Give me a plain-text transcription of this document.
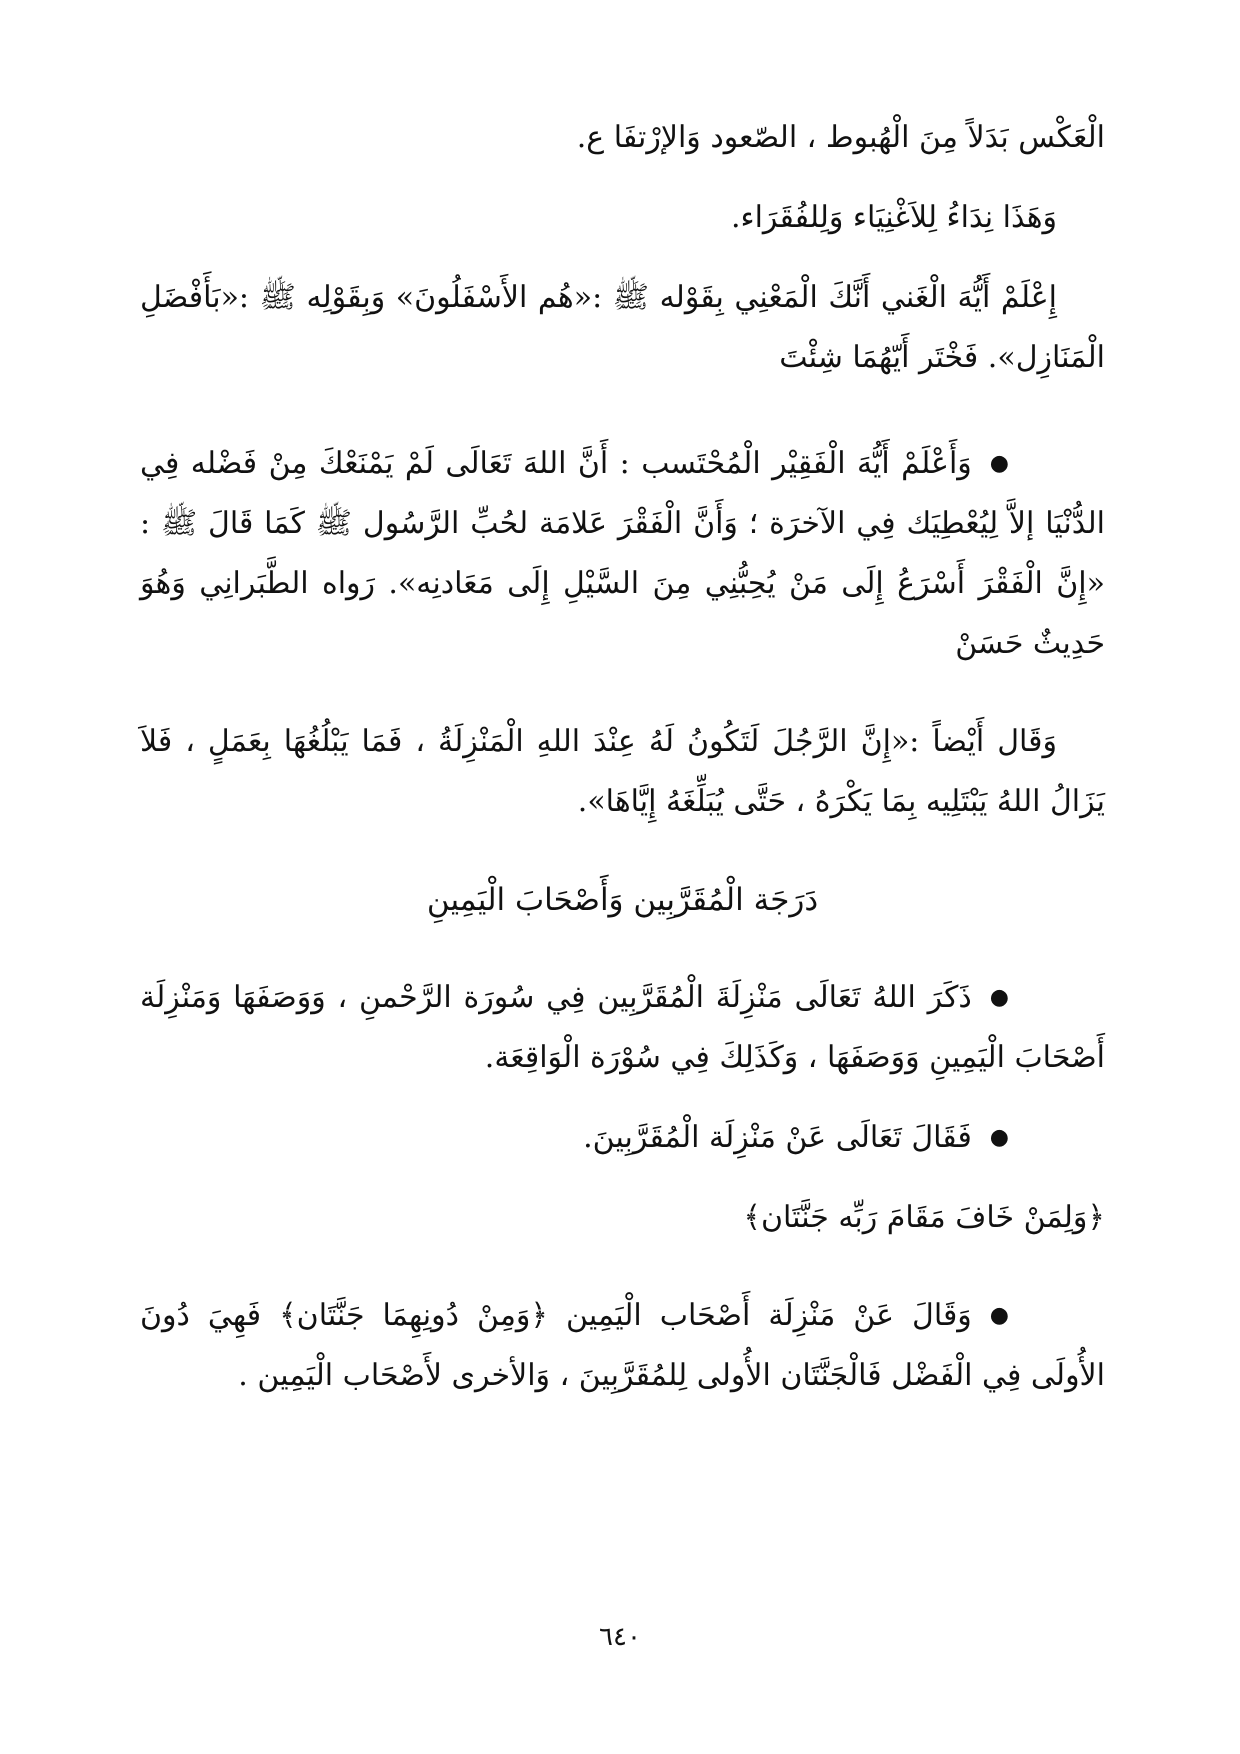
الْعَكْس بَدَلاً مِنَ الْهُبوط ، الصّعود وَالإرْتفَا ع.

وَهَذَا نِدَاءُ لِلاَغْنِيَاء وَلِلفُقَرَاء.

إِعْلَمْ أَيُّهَ الْغَني أَنَّكَ الْمَعْنِي بِقَوْله ﷺ :«هُم الأَسْفَلُونَ» وَبِقَوْلِه ﷺ :«بَأَفْضَلِ الْمَنَازِل». فَخْتَر أَيّهُمَا شِئْتَ

●وَأَعْلَمْ أَيُّهَ الْفَقِيْر الْمُحْتَسب : أَنَّ اللهَ تَعَالَى لَمْ يَمْنَعْكَ مِنْ فَضْله فِي الدُّنْيَا إلاَّ لِيُعْطِيَك فِي الآخرَة ؛ وَأَنَّ الْفَقْرَ عَلامَة لحُبِّ الرَّسُول ﷺ كَمَا قَالَ ﷺ : «إِنَّ الْفَقْرَ أَسْرَعُ إِلَى مَنْ يُحِبُّنِي مِنَ السَّيْلِ إِلَى مَعَادنِه». رَواه الطَّبَرانِي وَهُوَ حَدِيثٌ حَسَنْ

وَقَال أَيْضاً :«إِنَّ الرَّجُلَ لَتَكُونُ لَهُ عِنْدَ اللهِ الْمَنْزِلَةُ ، فَمَا يَبْلُغُهَا بِعَمَلٍ ، فَلاَ يَزَالُ اللهُ يَبْتَلِيه بِمَا يَكْرَهُ ، حَتَّى يُبَلِّغَهُ إِيَّاهَا».

دَرَجَة الْمُقَرَّبِين وَأَصْحَابَ الْيَمِينِ

●ذَكَرَ اللهُ تَعَالَى مَنْزِلَةَ الْمُقَرَّبِين فِي سُورَة الرَّحْمنِ ، وَوَصَفَهَا وَمَنْزِلَة أَصْحَابَ الْيَمِينِ وَوَصَفَهَا ، وَكَذَلِكَ فِي سُوْرَة الْوَاقِعَة.

●فَقَالَ تَعَالَى عَنْ مَنْزِلَة الْمُقَرَّبِينَ.

﴿وَلِمَنْ خَافَ مَقَامَ رَبِّه جَنَّتَان﴾

●وَقَالَ عَنْ مَنْزِلَة أَصْحَاب الْيَمِين ﴿وَمِنْ دُونِهِمَا جَنَّتَان﴾ فَهِيَ دُونَ الأُولَى فِي الْفَضْل فَالْجَنَّتَان الأُولى لِلمُقَرَّبِينَ ، وَالأخرى لأَصْحَاب الْيَمِين .

٦٤٠
